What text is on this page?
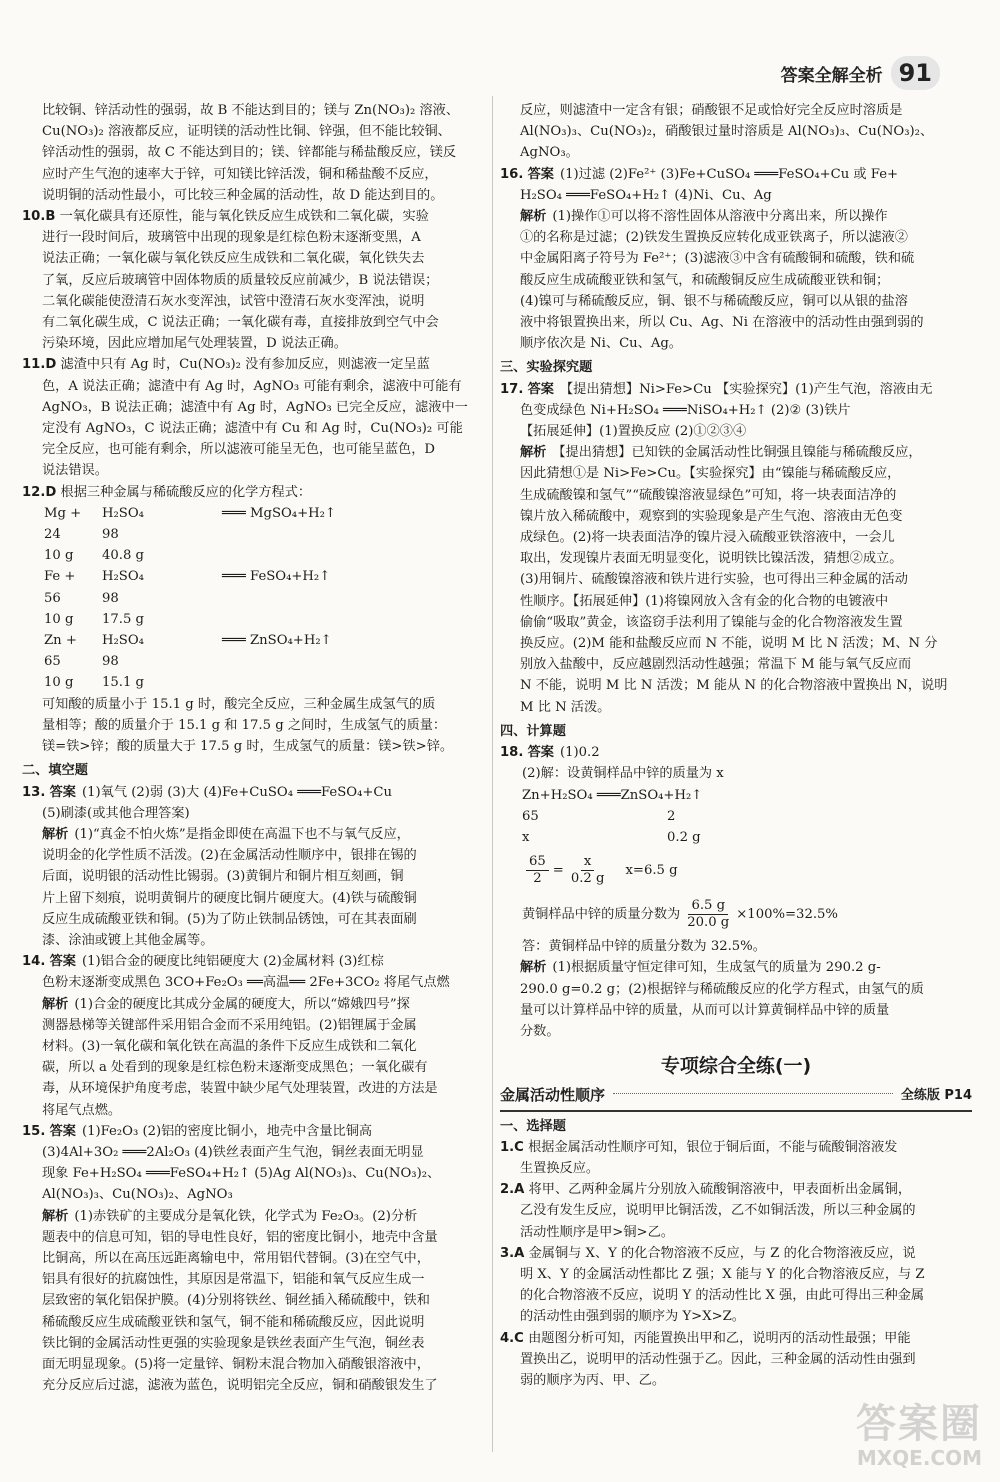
答案全解全析 91
比较铜、锌活动性的强弱，故 B 不能达到目的；镁与 Zn(NO₃)₂ 溶液、
Cu(NO₃)₂ 溶液都反应，证明镁的活动性比铜、锌强，但不能比较铜、
锌活动性的强弱，故 C 不能达到目的；镁、锌都能与稀盐酸反应，镁反
应时产生气泡的速率大于锌，可知镁比锌活泼，铜和稀盐酸不反应，
说明铜的活动性最小，可比较三种金属的活动性，故 D 能达到目的。
10.B 一氧化碳具有还原性，能与氧化铁反应生成铁和二氧化碳，实验
进行一段时间后，玻璃管中出现的现象是红棕色粉末逐渐变黑，A
说法正确；一氧化碳与氧化铁反应生成铁和二氧化碳，氧化铁失去
了氧，反应后玻璃管中固体物质的质量较反应前减少，B 说法错误；
二氧化碳能使澄清石灰水变浑浊，试管中澄清石灰水变浑浊，说明
有二氧化碳生成，C 说法正确；一氧化碳有毒，直接排放到空气中会
污染环境，因此应增加尾气处理装置，D 说法正确。
11.D 滤渣中只有 Ag 时，Cu(NO₃)₂ 没有参加反应，则滤液一定呈蓝
色，A 说法正确；滤渣中有 Ag 时，AgNO₃ 可能有剩余，滤液中可能有
AgNO₃，B 说法正确；滤渣中有 Ag 时，AgNO₃ 已完全反应，滤液中一
定没有 AgNO₃，C 说法正确；滤渣中有 Cu 和 Ag 时，Cu(NO₃)₂ 可能
完全反应，也可能有剩余，所以滤液可能呈无色，也可能呈蓝色，D
说法错误。
12.D 根据三种金属与稀硫酸反应的化学方程式：
Mg +	H₂SO₄	═══ MgSO₄+H₂↑
24	98
10 g	40.8 g
Fe +	H₂SO₄	═══ FeSO₄+H₂↑
56	98
10 g	17.5 g
Zn +	H₂SO₄	═══ ZnSO₄+H₂↑
65	98
10 g	15.1 g
可知酸的质量小于 15.1 g 时，酸完全反应，三种金属生成氢气的质
量相等；酸的质量介于 15.1 g 和 17.5 g 之间时，生成氢气的质量：
镁=铁>锌；酸的质量大于 17.5 g 时，生成氢气的质量：镁>铁>锌。
二、填空题
13. 答案 (1)氧气 (2)弱 (3)大 (4)Fe+CuSO₄ ═══FeSO₄+Cu
(5)刷漆(或其他合理答案)
解析 (1)“真金不怕火炼”是指金即使在高温下也不与氧气反应，
说明金的化学性质不活泼。(2)在金属活动性顺序中，银排在锡的
后面，说明银的活动性比锡弱。(3)黄铜片和铜片相互刻画，铜
片上留下刻痕，说明黄铜片的硬度比铜片硬度大。(4)铁与硫酸铜
反应生成硫酸亚铁和铜。(5)为了防止铁制品锈蚀，可在其表面刷
漆、涂油或镀上其他金属等。
14. 答案 (1)铝合金的硬度比纯铝硬度大 (2)金属材料 (3)红棕
色粉末逐渐变成黑色 3CO+Fe₂O₃ ══高温══ 2Fe+3CO₂ 将尾气点燃
解析 (1)合金的硬度比其成分金属的硬度大，所以“嫦娥四号”探
测器悬梯等关键部件采用铝合金而不采用纯铝。(2)铝锂属于金属
材料。(3)一氧化碳和氧化铁在高温的条件下反应生成铁和二氧化
碳，所以 a 处看到的现象是红棕色粉末逐渐变成黑色；一氧化碳有
毒，从环境保护角度考虑，装置中缺少尾气处理装置，改进的方法是
将尾气点燃。
15. 答案 (1)Fe₂O₃ (2)铝的密度比铜小，地壳中含量比铜高
(3)4Al+3O₂ ═══2Al₂O₃ (4)铁丝表面产生气泡，铜丝表面无明显
现象 Fe+H₂SO₄ ═══FeSO₄+H₂↑ (5)Ag Al(NO₃)₃、Cu(NO₃)₂、
Al(NO₃)₃、Cu(NO₃)₂、AgNO₃
解析 (1)赤铁矿的主要成分是氧化铁，化学式为 Fe₂O₃。(2)分析
题表中的信息可知，铝的导电性良好，铝的密度比铜小，地壳中含量
比铜高，所以在高压远距离输电中，常用铝代替铜。(3)在空气中，
铝具有很好的抗腐蚀性，其原因是常温下，铝能和氧气反应生成一
层致密的氧化铝保护膜。(4)分别将铁丝、铜丝插入稀硫酸中，铁和
稀硫酸反应生成硫酸亚铁和氢气，铜不能和稀硫酸反应，因此说明
铁比铜的金属活动性更强的实验现象是铁丝表面产生气泡，铜丝表
面无明显现象。(5)将一定量锌、铜粉末混合物加入硝酸银溶液中，
充分反应后过滤，滤液为蓝色，说明铝完全反应，铜和硝酸银发生了
反应，则滤渣中一定含有银；硝酸银不足或恰好完全反应时溶质是
Al(NO₃)₃、Cu(NO₃)₂，硝酸银过量时溶质是 Al(NO₃)₃、Cu(NO₃)₂、
AgNO₃。
16. 答案 (1)过滤 (2)Fe²⁺ (3)Fe+CuSO₄ ═══FeSO₄+Cu 或 Fe+
H₂SO₄ ═══FeSO₄+H₂↑ (4)Ni、Cu、Ag
解析 (1)操作①可以将不溶性固体从溶液中分离出来，所以操作
①的名称是过滤；(2)铁发生置换反应转化成亚铁离子，所以滤液②
中金属阳离子符号为 Fe²⁺；(3)滤液③中含有硫酸铜和硫酸，铁和硫
酸反应生成硫酸亚铁和氢气，和硫酸铜反应生成硫酸亚铁和铜；
(4)镍可与稀硫酸反应，铜、银不与稀硫酸反应，铜可以从银的盐溶
液中将银置换出来，所以 Cu、Ag、Ni 在溶液中的活动性由强到弱的
顺序依次是 Ni、Cu、Ag。
三、实验探究题
17. 答案 【提出猜想】Ni>Fe>Cu 【实验探究】(1)产生气泡，溶液由无
色变成绿色 Ni+H₂SO₄ ═══NiSO₄+H₂↑ (2)② (3)铁片
【拓展延伸】(1)置换反应 (2)①②③④
解析 【提出猜想】已知铁的金属活动性比铜强且镍能与稀硫酸反应，
因此猜想①是 Ni>Fe>Cu。【实验探究】由“镍能与稀硫酸反应，
生成硫酸镍和氢气”“硫酸镍溶液显绿色”可知，将一块表面洁净的
镍片放入稀硫酸中，观察到的实验现象是产生气泡、溶液由无色变
成绿色。(2)将一块表面洁净的镍片浸入硫酸亚铁溶液中，一会儿
取出，发现镍片表面无明显变化，说明铁比镍活泼，猜想②成立。
(3)用铜片、硫酸镍溶液和铁片进行实验，也可得出三种金属的活动
性顺序。【拓展延伸】(1)将镍网放入含有金的化合物的电镀液中
偷偷“吸取”黄金，该盗窃手法利用了镍能与金的化合物溶液发生置
换反应。(2)M 能和盐酸反应而 N 不能，说明 M 比 N 活泼；M、N 分
别放入盐酸中，反应越剧烈活动性越强；常温下 M 能与氧气反应而
N 不能，说明 M 比 N 活泼；M 能从 N 的化合物溶液中置换出 N，说明
M 比 N 活泼。
四、计算题
18. 答案 (1)0.2
(2)解：设黄铜样品中锌的质量为 x
Zn+H₂SO₄ ═══ZnSO₄+H₂↑
65	2
x	0.2 g
$\frac{65}{2} = \frac{x}{0.2 g} x=6.5$ g
黄铜样品中锌的质量分数为 $\frac{6.5 g}{20.0 g} \times 100\%=32.5\%$
答：黄铜样品中锌的质量分数为 32.5%。
解析 (1)根据质量守恒定律可知，生成氢气的质量为 290.2 g-
290.0 g=0.2 g；(2)根据锌与稀硫酸反应的化学方程式，由氢气的质
量可以计算样品中锌的质量，从而可以计算黄铜样品中锌的质量
分数。
专项综合全练(一)
金属活动性顺序	全练版 P14
一、选择题
1.C 根据金属活动性顺序可知，银位于铜后面，不能与硫酸铜溶液发
生置换反应。
2.A 将甲、乙两种金属片分别放入硫酸铜溶液中，甲表面析出金属铜，
乙没有发生反应，说明甲比铜活泼，乙不如铜活泼，所以三种金属的
活动性顺序是甲>铜>乙。
3.A 金属铜与 X、Y 的化合物溶液不反应，与 Z 的化合物溶液反应，说
明 X、Y 的金属活动性都比 Z 强；X 能与 Y 的化合物溶液反应，与 Z
的化合物溶液不反应，说明 Y 的活动性比 X 强，由此可得出三种金属
的活动性由强到弱的顺序为 Y>X>Z。
4.C 由题图分析可知，丙能置换出甲和乙，说明丙的活动性最强；甲能
置换出乙，说明甲的活动性强于乙。因此，三种金属的活动性由强到
弱的顺序为丙、甲、乙。
答案圈
MXQE.COM
